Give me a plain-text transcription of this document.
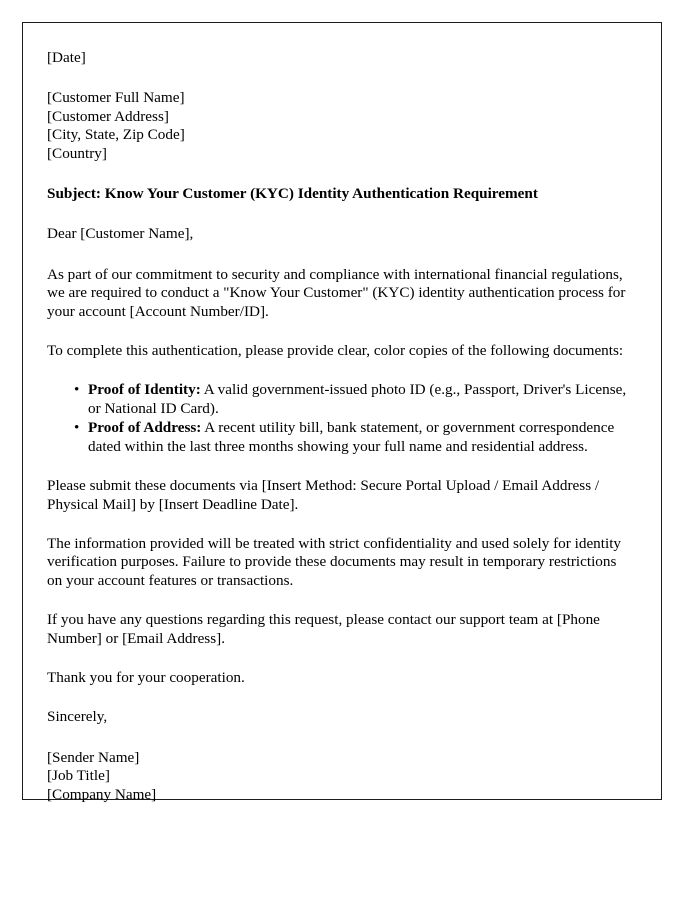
[Date]

[Customer Full Name]

[Customer Address]

[City, State, Zip Code]

[Country]

Subject: Know Your Customer (KYC) Identity Authentication Requirement

Dear [Customer Name],

As part of our commitment to security and compliance with international financial regulations, we are required to conduct a "Know Your Customer" (KYC) identity authentication process for your account [Account Number/ID].

To complete this authentication, please provide clear, color copies of the following documents:

• Proof of Identity: A valid government-issued photo ID (e.g., Passport, Driver's License, or National ID Card).
• Proof of Address: A recent utility bill, bank statement, or government correspondence dated within the last three months showing your full name and residential address.

Please submit these documents via [Insert Method: Secure Portal Upload / Email Address / Physical Mail] by [Insert Deadline Date].

The information provided will be treated with strict confidentiality and used solely for identity verification purposes. Failure to provide these documents may result in temporary restrictions on your account features or transactions.

If you have any questions regarding this request, please contact our support team at [Phone Number] or [Email Address].

Thank you for your cooperation.

Sincerely,

[Sender Name]

[Job Title]

[Company Name]
